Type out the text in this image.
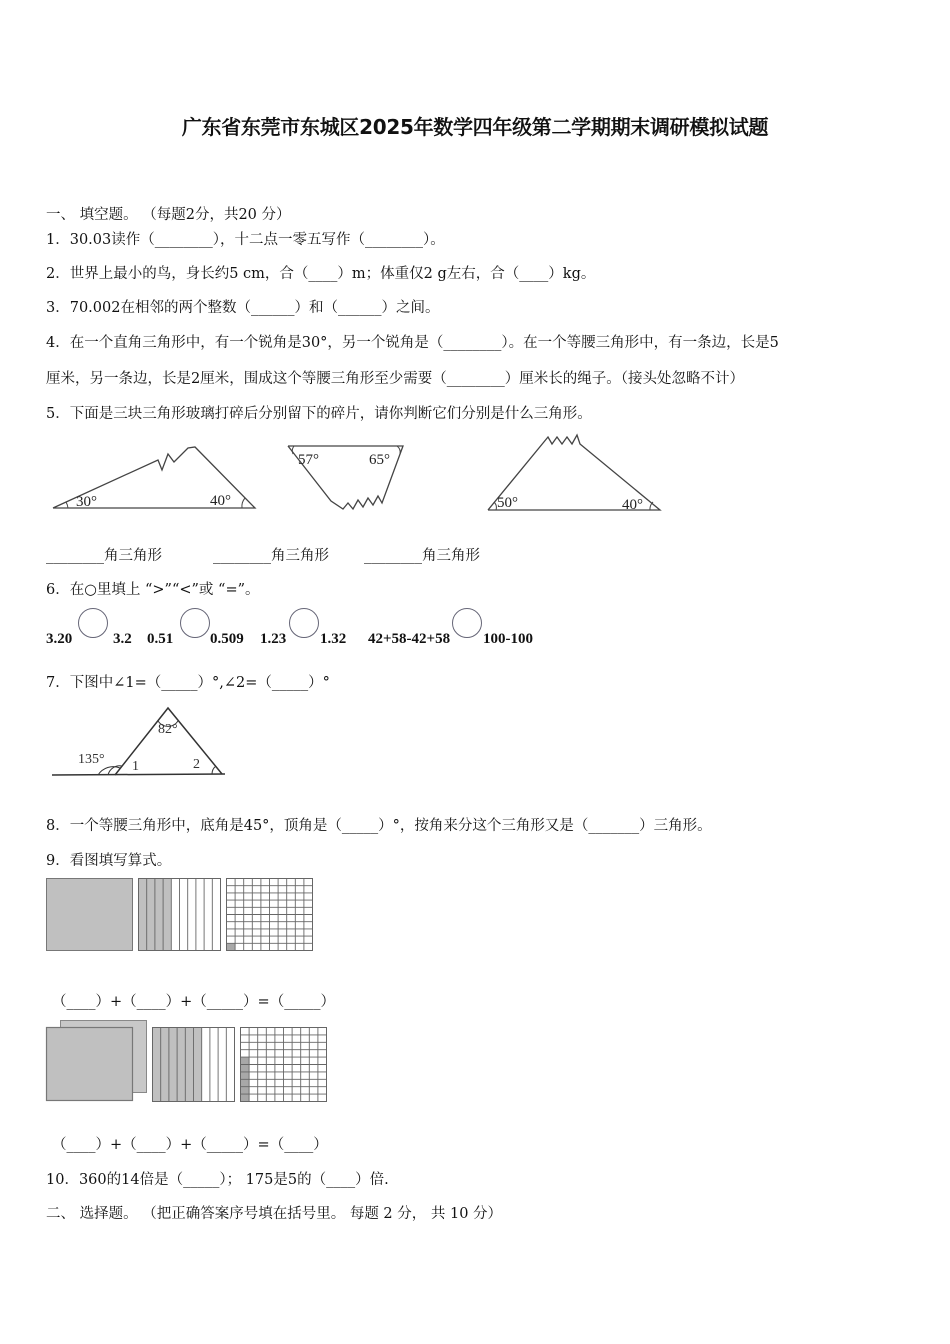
广东省东莞市东城区2025年数学四年级第二学期期末调研模拟试题
一、 填空题。 （每题2分，共20 分）
1．30.03读作（________），十二点一零五写作（________）。
2．世界上最小的鸟，身长约5 cm，合（____）m；体重仅2 g左右，合（____）kg。
3．70.002在相邻的两个整数（______）和（______）之间。
4．在一个直角三角形中，有一个锐角是30°，另一个锐角是（________）。在一个等腰三角形中，有一条边，长是5
厘米，另一条边，长是2厘米，围成这个等腰三角形至少需要（________）厘米长的绳子。（接头处忽略不计）
5．下面是三块三角形玻璃打碎后分别留下的碎片，请你判断它们分别是什么三角形。
30°	40°
57°	65°
50°	40°
________角三角形	________角三角形 ________角三角形
6．在○里填上 “>”“<”或 “=”。
3.20	3.2 0.51 0.509 1.23 1.32 42+58-42+58 100-100
7．下图中∠1=（_____）°,∠2=（_____）°
82°
135° 1	2
8．一个等腰三角形中，底角是45°，顶角是（_____）°，按角来分这个三角形又是（_______）三角形。
9．看图填写算式。
（____）+（____）+（_____）=（_____）
（____）+（____）+（_____）=（____）
10．360的14倍是（_____）； 175是5的（____）倍.
二、 选择题。 （把正确答案序号填在括号里。 每题 2 分， 共 10 分）
